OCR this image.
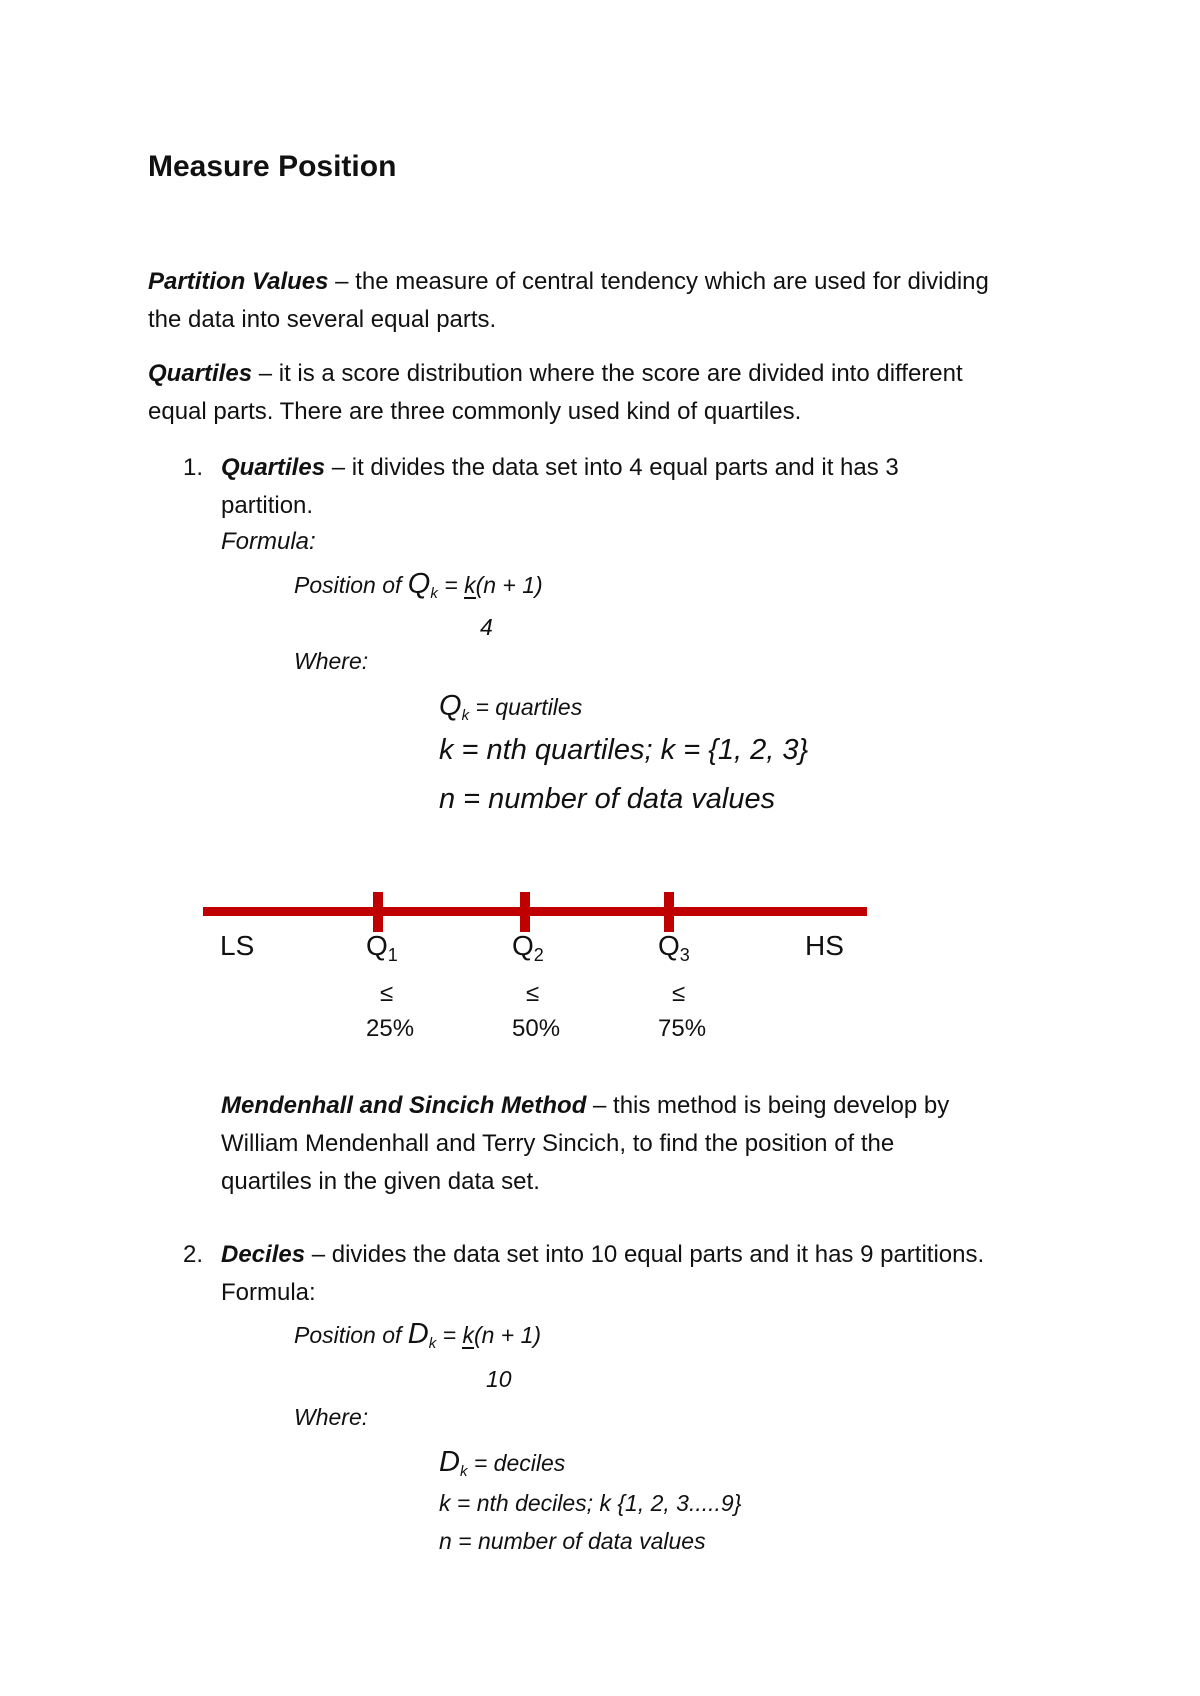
Measure Position
Partition Values – the measure of central tendency which are used for dividing
the data into several equal parts.
Quartiles – it is a score distribution where the score are divided into different
equal parts. There are three commonly used kind of quartiles.
1. Quartiles – it divides the data set into 4 equal parts and it has 3
partition.
Formula:
Position of $Q_k = k(n + 1)$
4
Where:
$Q_k$ = quartiles
k = nth quartiles; k = {1, 2, 3}
n = number of data values
LS	$Q_1$	$Q_2$	$Q_3$	HS
≤	≤	≤
25%	50%	75%
Mendenhall and Sincich Method – this method is being develop by
William Mendenhall and Terry Sincich, to find the position of the
quartiles in the given data set.
2. Deciles – divides the data set into 10 equal parts and it has 9 partitions.
Formula:
Position of $D_k = k(n + 1)$
10
Where:
$D_k$ = deciles
k = nth deciles; k {1, 2, 3.....9}
n = number of data values
